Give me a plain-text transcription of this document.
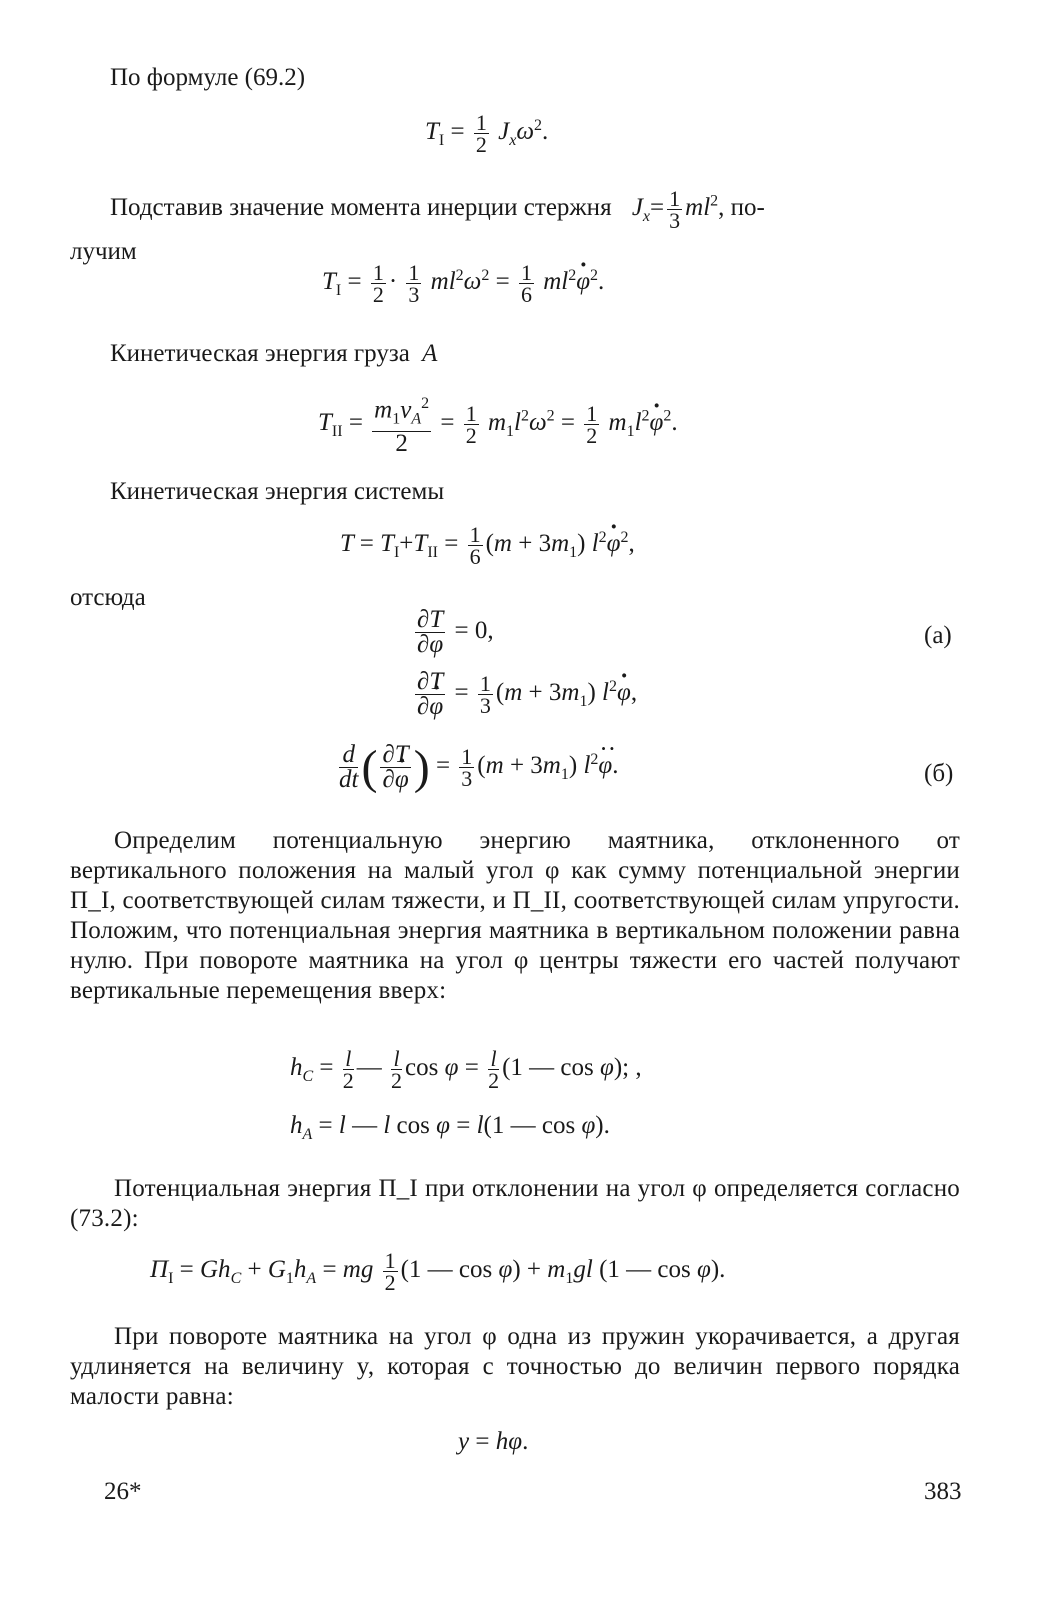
По формуле (69.2)
$T_I = \frac{1}{2} J_x\omega^2$.
Подставив значение момента инерции стержня $J_x= \frac{1}{3} ml^2$, по-
лучим
$T_I = \frac{1}{2} \cdot \frac{1}{3} ml^2\omega^2 = \frac{1}{6} ml^2\varphi \cdot^2$.
Кинетическая энергия груза A
$T_{II} = \frac{m_1v_A^2}{2} = \frac{1}{2} m_1l^2\omega^2 = \frac{1}{2} m_1l^2\varphi \cdot^2$.
Кинетическая энергия системы
$T = T_I+T_{II} = \frac{1}{6} (m + 3m_1)$ $l^2\varphi \cdot^2$,
отсюда
$\frac{\partial T}{\partial\varphi} = 0$,	(а)
$\frac{\partial T}{\partial\varphi}$ · = $\frac{1}{3} (m + 3m_1)$ $l^2\varphi$ ·,
$\frac{d}{dt}$ ( $\frac{\partial T}{\partial\varphi}$ · ) = $\frac{1}{3} (m + 3m_1)$ $l^2\varphi$ ··.	(б)
Определим потенциальную энергию маятника, отклоненного от вертикального положения на малый угол φ как сумму потенциальной энергии П_I, соответствующей силам тяжести, и П_II, соответствующей силам упругости. Положим, что потенциальная энергия маятника в вертикальном положении равна нулю. При повороте маятника на угол φ центры тяжести его частей получают вертикальные перемещения вверх:
$h_C = \frac{l}{2}$ — $\frac{l}{2}$ $\cos \varphi = \frac{l}{2} (1$ — cos φ); ,
$h_A = l$ — l cos φ = l(1 — cos φ).
Потенциальная энергия П_I при отклонении на угол φ определяется согласно (73.2):
$П_I = Gh_C + G_1h_A$ = mg $\frac{1}{2} (1$ — $\cos \varphi) + m_1gl$ (1 — cos φ).
При повороте маятника на угол φ одна из пружин укорачивается, а другая удлиняется на величину y, которая с точностью до величин первого порядка малости равна:
y = hφ.
26*	383
